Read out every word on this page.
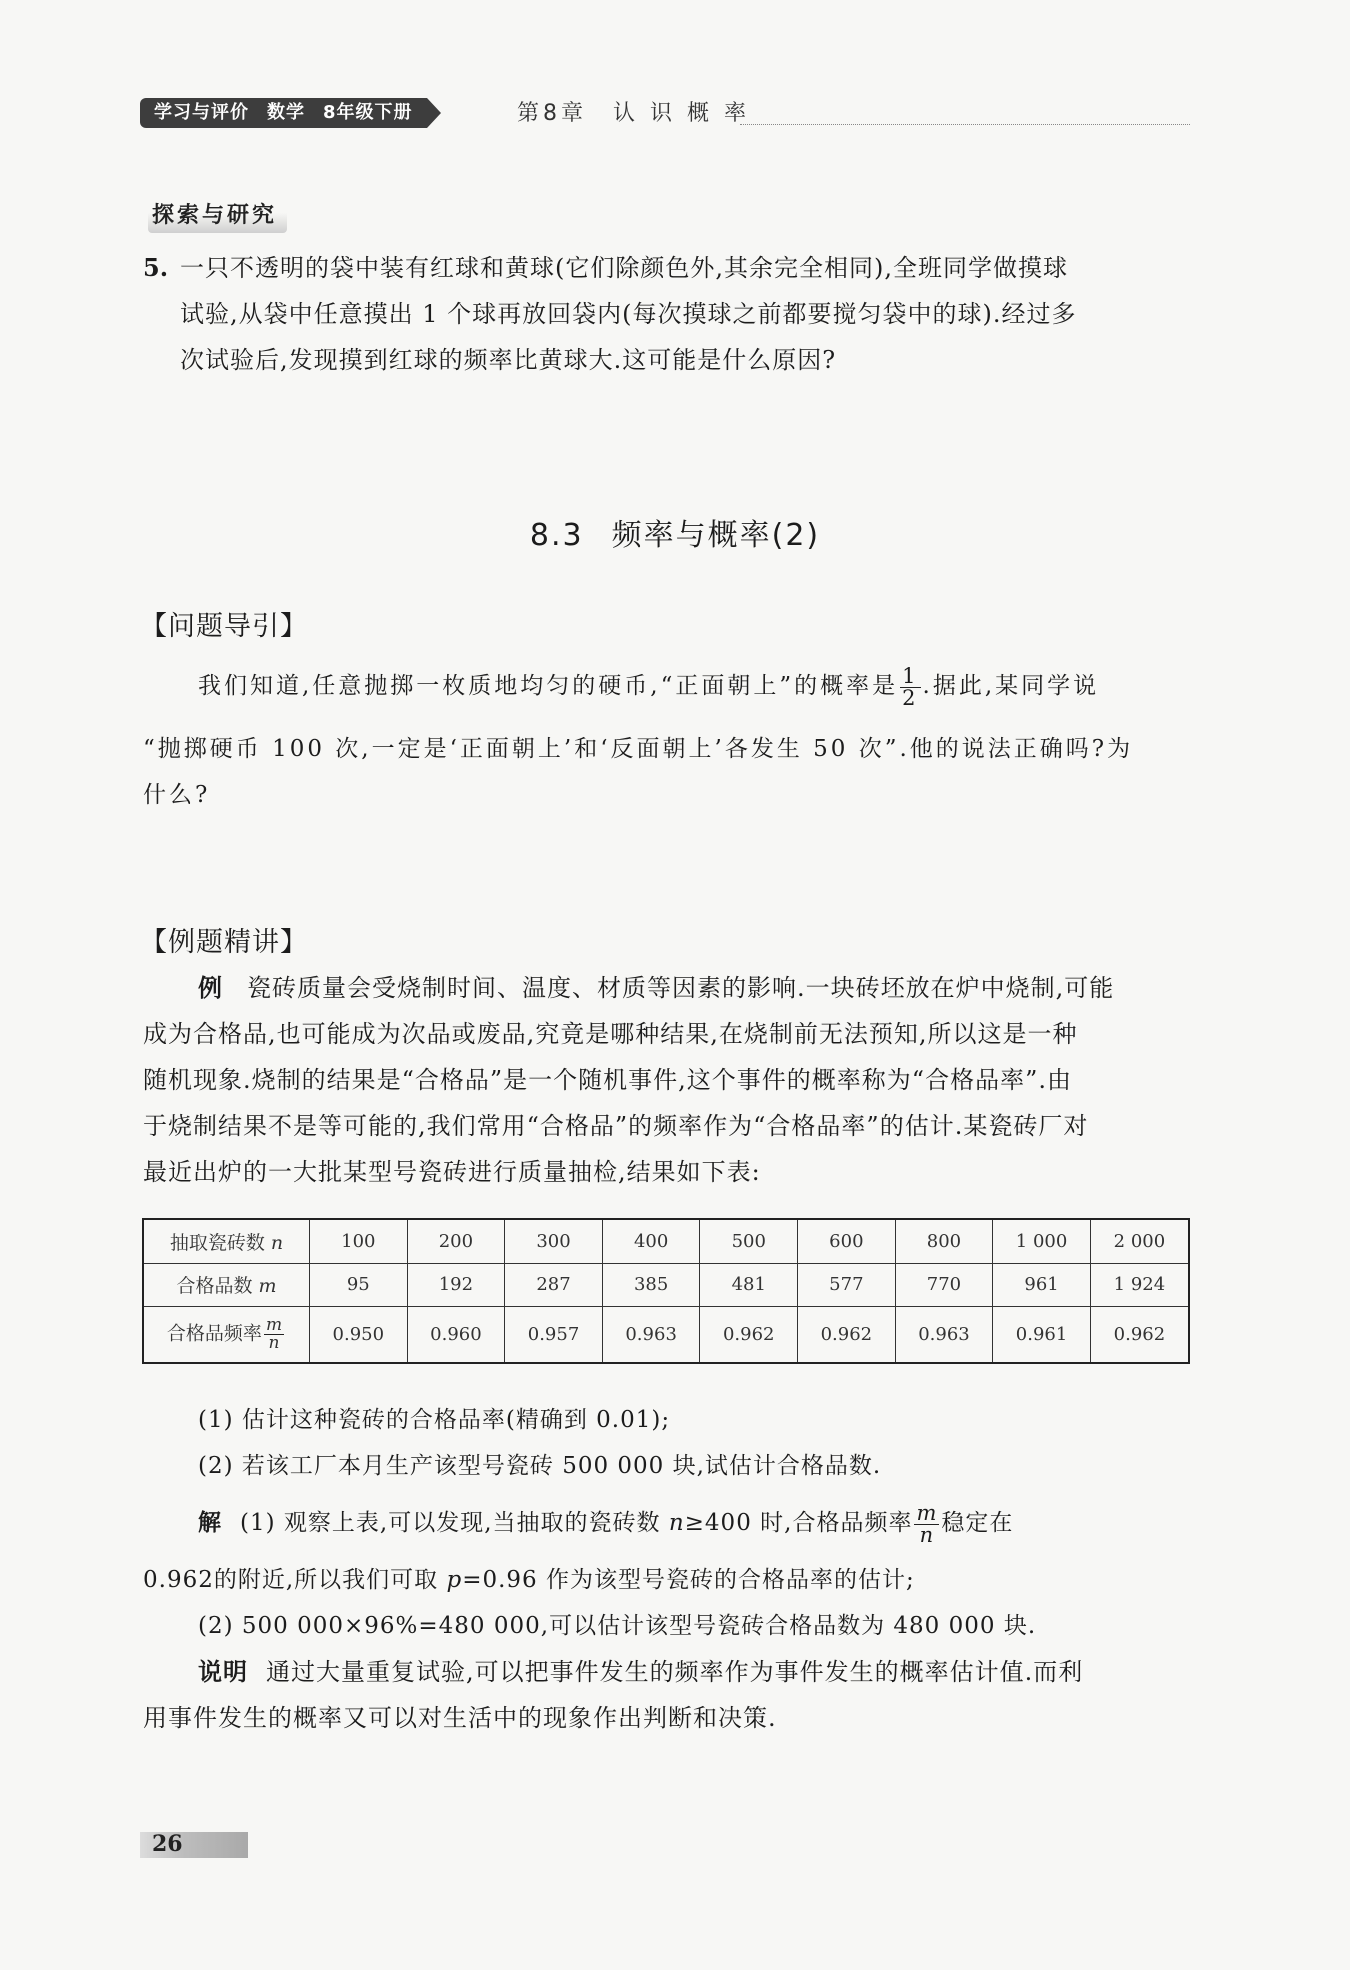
学习与评价 数学 8年级下册	第8章　认 识 概 率
探索与研究
5. 一只不透明的袋中装有红球和黄球(它们除颜色外,其余完全相同),全班同学做摸球
试验,从袋中任意摸出 1 个球再放回袋内(每次摸球之前都要搅匀袋中的球).经过多
次试验后,发现摸到红球的频率比黄球大.这可能是什么原因?
8.3 频率与概率(2)
【问题导引】
我们知道,任意抛掷一枚质地均匀的硬币,“正面朝上”的概率是 $\frac{1}{2}$ .据此,某同学说
“抛掷硬币 100 次,一定是‘正面朝上’和‘反面朝上’各发生 50 次”.他的说法正确吗?为
什么?
【例题精讲】
例 瓷砖质量会受烧制时间、温度、材质等因素的影响.一块砖坯放在炉中烧制,可能
成为合格品,也可能成为次品或废品,究竟是哪种结果,在烧制前无法预知,所以这是一种
随机现象.烧制的结果是“合格品”是一个随机事件,这个事件的概率称为“合格品率”.由
于烧制结果不是等可能的,我们常用“合格品”的频率作为“合格品率”的估计.某瓷砖厂对
最近出炉的一大批某型号瓷砖进行质量抽检,结果如下表:
抽取瓷砖数 n	100	200	300	400	500	600	800	1 000	2 000
合格品数 m	95	192	287	385	481	577	770	961	1 924
合格品频率 $\frac{m}{n}$	0.950	0.960	0.957	0.963	0.962	0.962	0.963	0.961	0.962
(1) 估计这种瓷砖的合格品率(精确到 0.01);
(2) 若该工厂本月生产该型号瓷砖 500 000 块,试估计合格品数.
解 (1) 观察上表,可以发现,当抽取的瓷砖数 n≥400 时,合格品频率 $\frac{m}{n}$ 稳定在
0.962的附近,所以我们可取 p=0.96 作为该型号瓷砖的合格品率的估计;
(2) 500 000×96%=480 000,可以估计该型号瓷砖合格品数为 480 000 块.
说明 通过大量重复试验,可以把事件发生的频率作为事件发生的概率估计值.而利
用事件发生的概率又可以对生活中的现象作出判断和决策.
26
